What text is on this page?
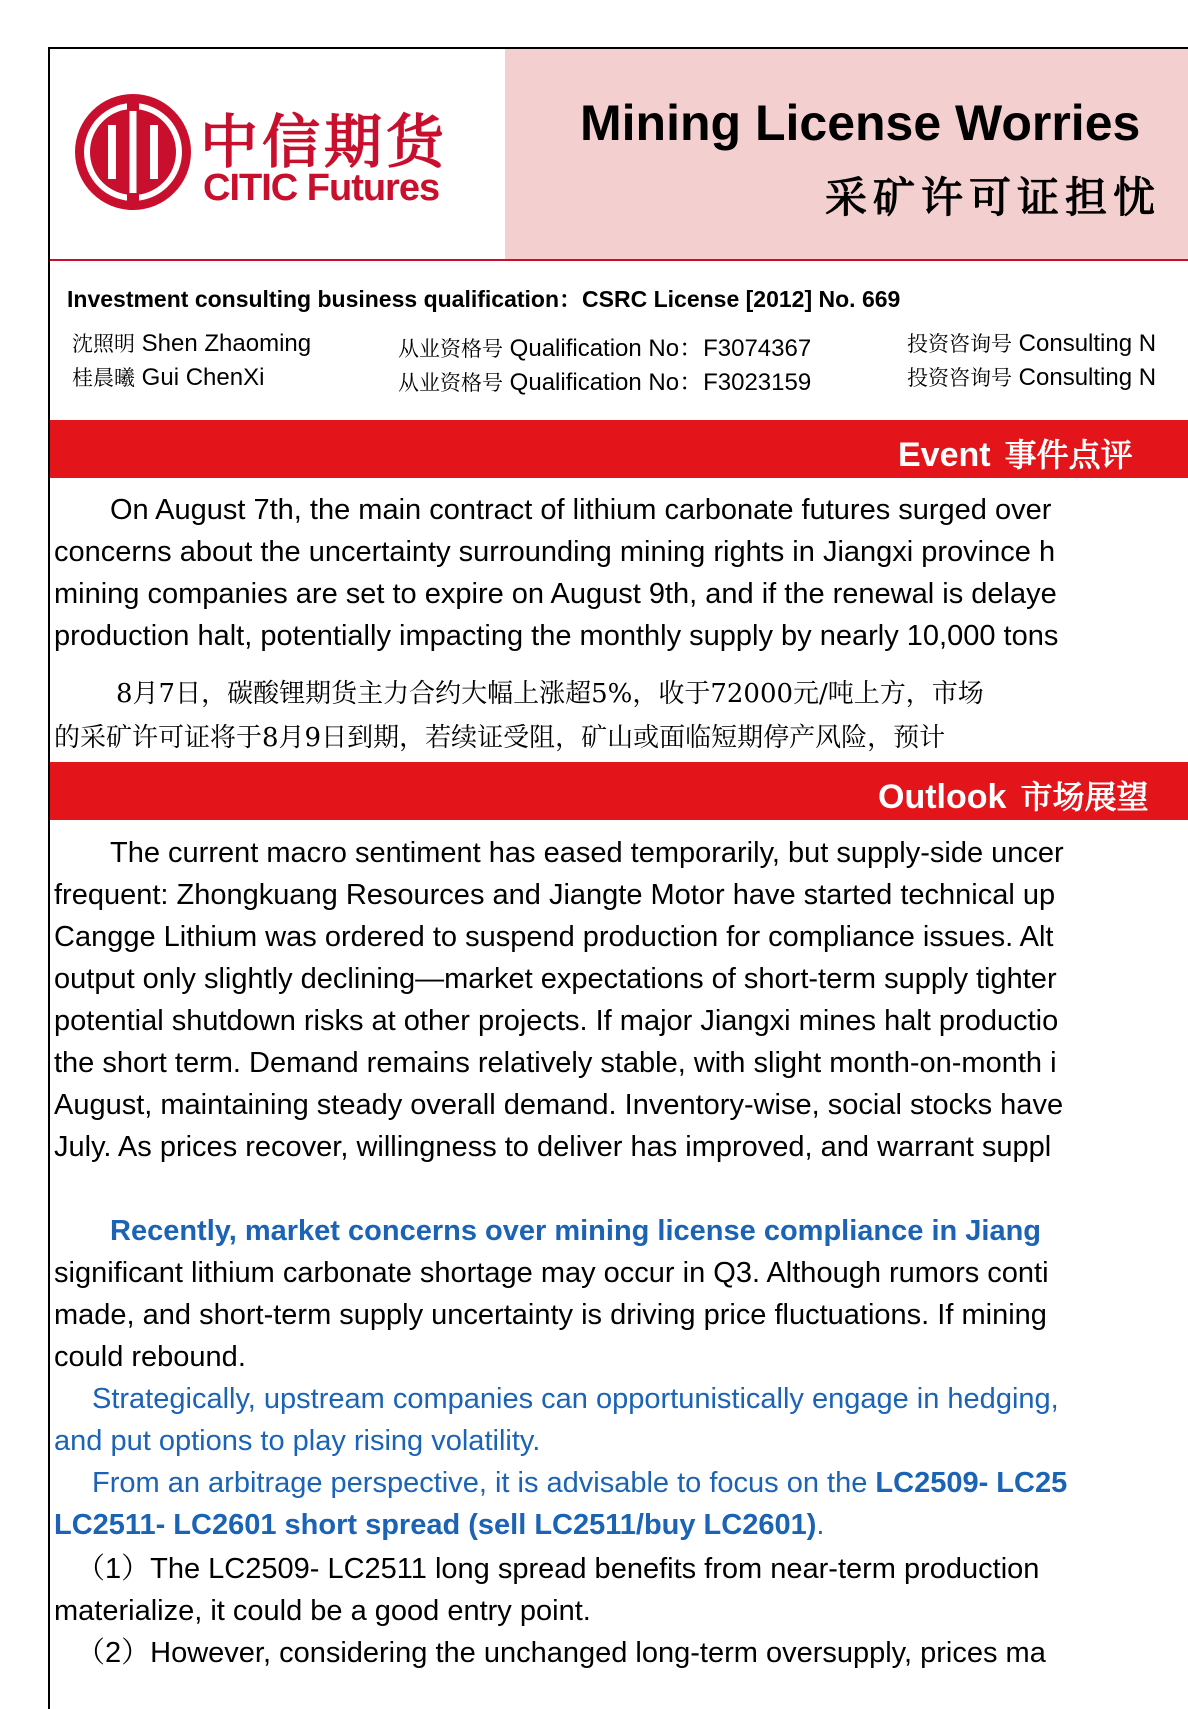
中信期货
CITIC Futures
Mining License Worries
采矿许可证担忧
Investment consulting business qualification：CSRC License [2012] No. 669
沈照明 Shen Zhaoming	从业资格号 Qualification No：F3074367	投资咨询号 Consulting N
桂晨曦 Gui ChenXi	从业资格号 Qualification No：F3023159	投资咨询号 Consulting N
Event 事件点评
On August 7th, the main contract of lithium carbonate futures surged over
concerns about the uncertainty surrounding mining rights in Jiangxi province h
mining companies are set to expire on August 9th, and if the renewal is delaye
production halt, potentially impacting the monthly supply by nearly 10,000 tons
8月7日，碳酸锂期货主力合约大幅上涨超5%，收于72000元/吨上方，市场
的采矿许可证将于8月9日到期，若续证受阻，矿山或面临短期停产风险，预计
Outlook 市场展望
The current macro sentiment has eased temporarily, but supply-side uncer
frequent: Zhongkuang Resources and Jiangte Motor have started technical up
Cangge Lithium was ordered to suspend production for compliance issues. Alt
output only slightly declining—market expectations of short-term supply tighter
potential shutdown risks at other projects. If major Jiangxi mines halt productio
the short term. Demand remains relatively stable, with slight month-on-month i
August, maintaining steady overall demand. Inventory-wise, social stocks have
July. As prices recover, willingness to deliver has improved, and warrant suppl
Recently, market concerns over mining license compliance in Jiang
significant lithium carbonate shortage may occur in Q3. Although rumors conti
made, and short-term supply uncertainty is driving price fluctuations. If mining
could rebound.
Strategically, upstream companies can opportunistically engage in hedging,
and put options to play rising volatility.
From an arbitrage perspective, it is advisable to focus on the LC2509- LC25
LC2511- LC2601 short spread (sell LC2511/buy LC2601).
（1）The LC2509- LC2511 long spread benefits from near-term production
materialize, it could be a good entry point.
（2）However, considering the unchanged long-term oversupply, prices ma
